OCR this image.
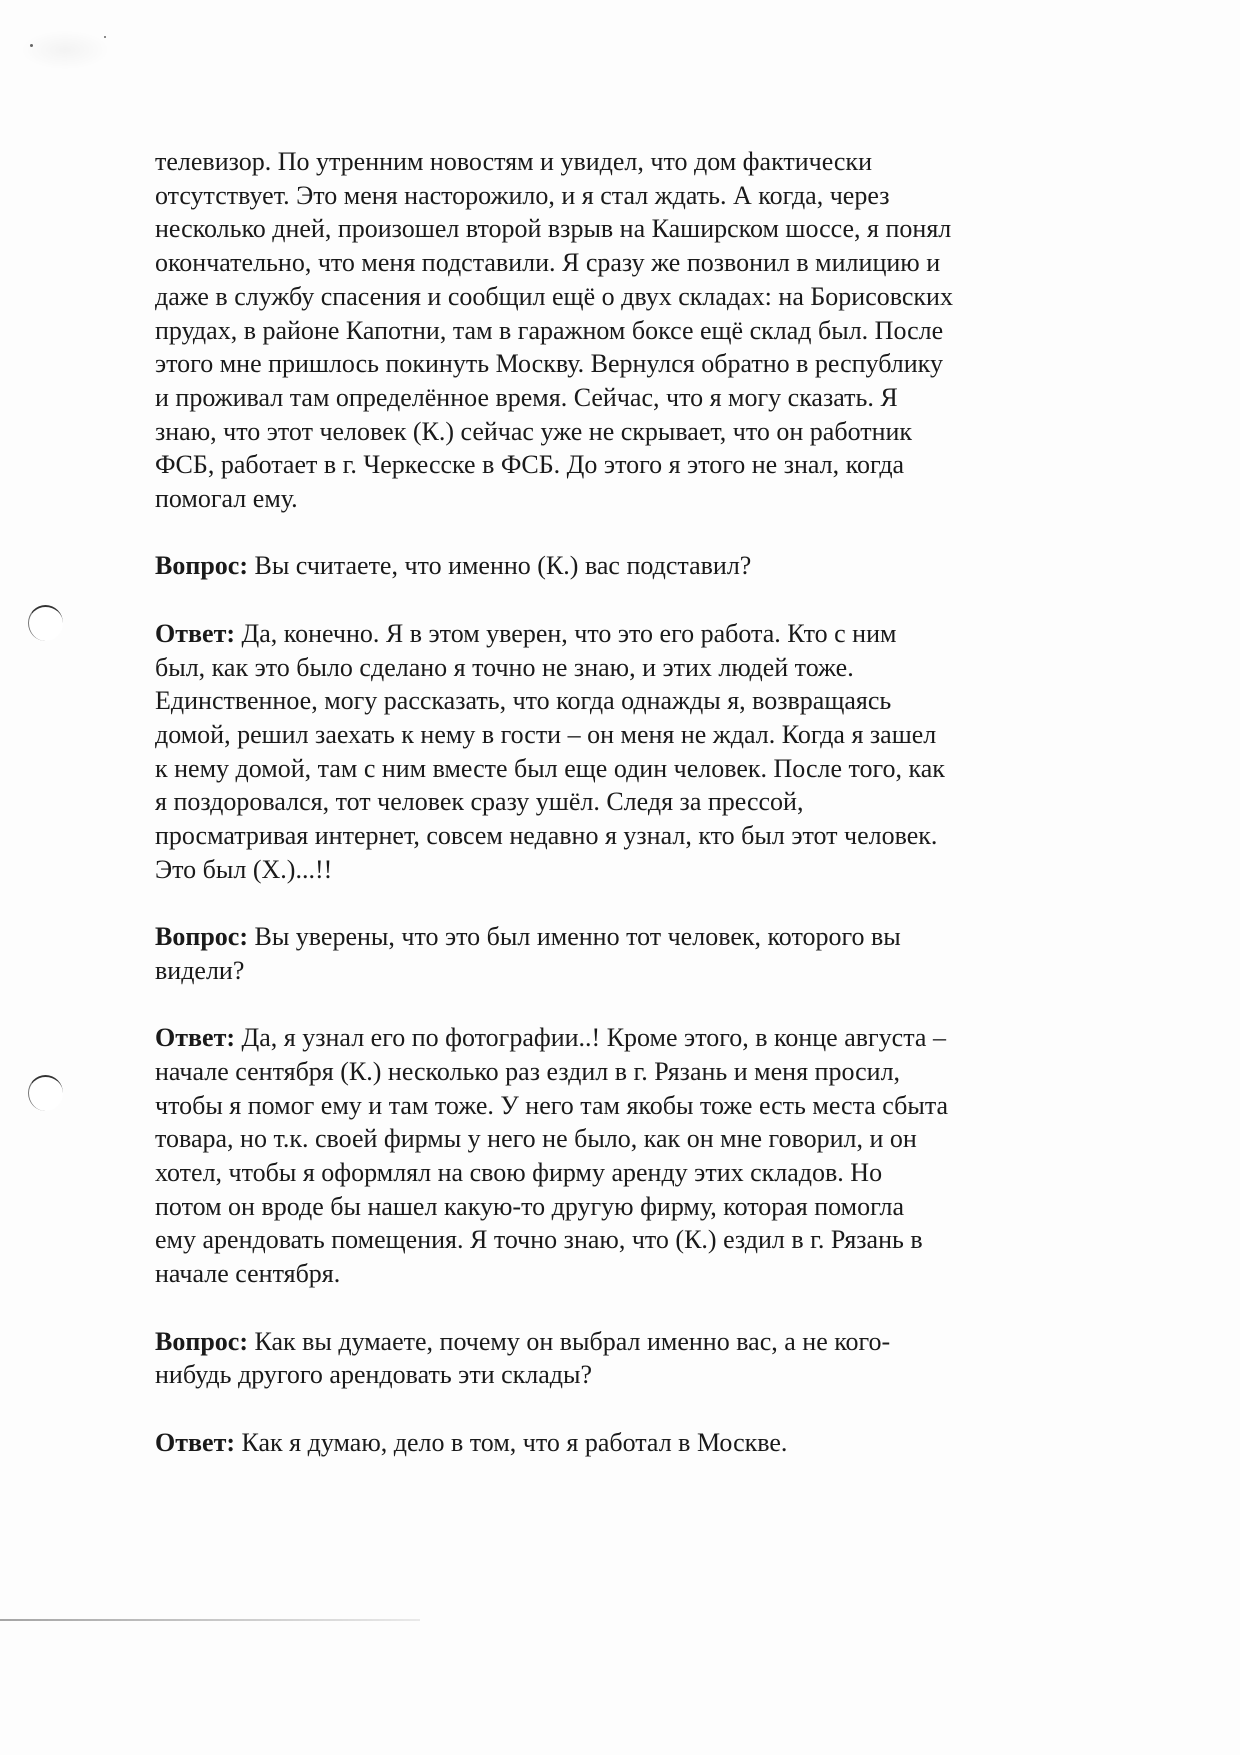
телевизор. По утренним новостям и увидел, что дом фактически
отсутствует. Это меня насторожило, и я стал ждать. А когда, через
несколько дней, произошел второй взрыв на Каширском шоссе, я понял
окончательно, что меня подставили. Я сразу же позвонил в милицию и
даже в службу спасения и сообщил ещё о двух складах: на Борисовских
прудах, в районе Капотни, там в гаражном боксе ещё склад был. После
этого мне пришлось покинуть Москву. Вернулся обратно в республику
и проживал там определённое время. Сейчас, что я могу сказать. Я
знаю, что этот человек (К.) сейчас уже не скрывает, что он работник
ФСБ, работает в г. Черкесске в ФСБ. До этого я этого не знал, когда
помогал ему.

Вопрос: Вы считаете, что именно (К.) вас подставил?

Ответ: Да, конечно. Я в этом уверен, что это его работа. Кто с ним
был, как это было сделано я точно не знаю, и этих людей тоже.
Единственное, могу рассказать, что когда однажды я, возвращаясь
домой, решил заехать к нему в гости – он меня не ждал. Когда я зашел
к нему домой, там с ним вместе был еще один человек. После того, как
я поздоровался, тот человек сразу ушёл. Следя за прессой,
просматривая интернет, совсем недавно я узнал, кто был этот человек.
Это был (Х.)...!!

Вопрос: Вы уверены, что это был именно тот человек, которого вы
видели?

Ответ: Да, я узнал его по фотографии..! Кроме этого, в конце августа –
начале сентября (К.) несколько раз ездил в г. Рязань и меня просил,
чтобы я помог ему и там тоже. У него там якобы тоже есть места сбыта
товара, но т.к. своей фирмы у него не было, как он мне говорил, и он
хотел, чтобы я оформлял на свою фирму аренду этих складов. Но
потом он вроде бы нашел какую-то другую фирму, которая помогла
ему арендовать помещения. Я точно знаю, что (К.) ездил в г. Рязань в
начале сентября.

Вопрос: Как вы думаете, почему он выбрал именно вас, а не кого-
нибудь другого арендовать эти склады?

Ответ: Как я думаю, дело в том, что я работал в Москве.
